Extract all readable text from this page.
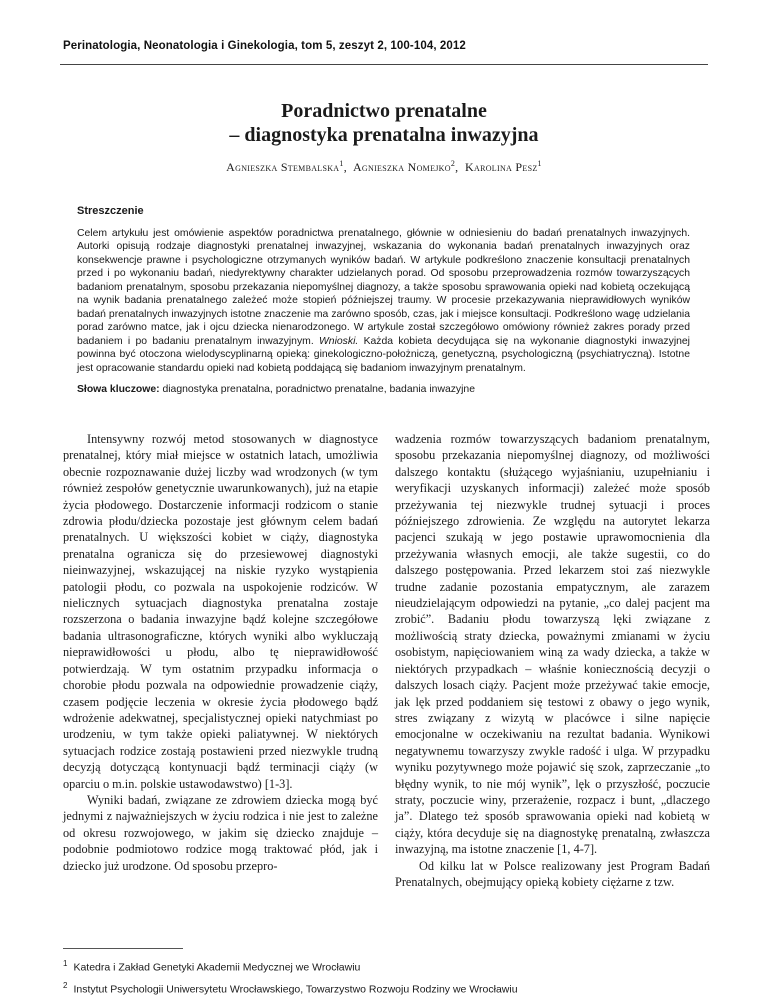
Perinatologia, Neonatologia i Ginekologia, tom 5, zeszyt 2, 100-104, 2012
Poradnictwo prenatalne
– diagnostyka prenatalna inwazyjna
Agnieszka Stembalska$^1$,  Agnieszka Nomejko$^2$,  Karolina Pesz$^1$
Streszczenie
Celem artykułu jest omówienie aspektów poradnictwa prenatalnego, głównie w odniesieniu do badań prenatalnych inwazyjnych. Autorki opisują rodzaje diagnostyki prenatalnej inwazyjnej, wskazania do wykonania badań prenatalnych inwazyjnych oraz konsekwencje prawne i psychologiczne otrzymanych wyników badań. W artykule podkreślono znaczenie konsultacji prenatalnych przed i po wykonaniu badań, niedyrektywny charakter udzielanych porad. Od sposobu przeprowadzenia rozmów towarzyszących badaniom prenatalnym, sposobu przekazania niepomyślnej diagnozy, a także sposobu sprawowania opieki nad kobietą oczekującą na wynik badania prenatalnego zależeć może stopień późniejszej traumy. W procesie przekazywania nieprawidłowych wyników badań prenatalnych inwazyjnych istotne znaczenie ma zarówno sposób, czas, jak i miejsce konsultacji. Podkreślono wagę udzielania porad zarówno matce, jak i ojcu dziecka nienarodzonego. W artykule został szczegółowo omówiony również zakres porady przed badaniem i po badaniu prenatalnym inwazyjnym. Wnioski. Każda kobieta decydująca się na wykonanie diagnostyki inwazyjnej powinna być otoczona wielodyscyplinarną opieką: ginekologiczno-położniczą, genetyczną, psychologiczną (psychiatryczną). Istotne jest opracowanie standardu opieki nad kobietą poddającą się badaniom inwazyjnym prenatalnym.
Słowa kluczowe: diagnostyka prenatalna, poradnictwo prenatalne, badania inwazyjne

Intensywny rozwój metod stosowanych w diagnostyce prenatalnej, który miał miejsce w ostatnich latach, umożliwia obecnie rozpoznawanie dużej liczby wad wrodzonych (w tym również zespołów genetycznie uwarunkowanych), już na etapie życia płodowego. Dostarczenie informacji rodzicom o stanie zdrowia płodu/dziecka pozostaje jest głównym celem badań prenatalnych. U większości kobiet w ciąży, diagnostyka prenatalna ogranicza się do przesiewowej diagnostyki nieinwazyjnej, wskazującej na niskie ryzyko wystąpienia patologii płodu, co pozwala na uspokojenie rodziców. W nielicznych sytuacjach diagnostyka prenatalna zostaje rozszerzona o badania inwazyjne bądź kolejne szczegółowe badania ultrasonograficzne, których wyniki albo wykluczają nieprawidłowości u płodu, albo tę nieprawidłowość potwierdzają. W tym ostatnim przypadku informacja o chorobie płodu pozwala na odpowiednie prowadzenie ciąży, czasem podjęcie leczenia w okresie życia płodowego bądź wdrożenie adekwatnej, specjalistycznej opieki natychmiast po urodzeniu, w tym także opieki paliatywnej. W niektórych sytuacjach rodzice zostają postawieni przed niezwykle trudną decyzją dotyczącą kontynuacji bądź terminacji ciąży (w oparciu o m.in. polskie ustawodawstwo) [1-3].

Wyniki badań, związane ze zdrowiem dziecka mogą być jednymi z najważniejszych w życiu rodzica i nie jest to zależne od okresu rozwojowego, w jakim się dziecko znajduje – podobnie podmiotowo rodzice mogą traktować płód, jak i dziecko już urodzone. Od sposobu przepro-

wadzenia rozmów towarzyszących badaniom prenatalnym, sposobu przekazania niepomyślnej diagnozy, od możliwości dalszego kontaktu (służącego wyjaśnianiu, uzupełnianiu i weryfikacji uzyskanych informacji) zależeć może sposób przeżywania tej niezwykle trudnej sytuacji i proces późniejszego zdrowienia. Ze względu na autorytet lekarza pacjenci szukają w jego postawie uprawomocnienia dla przeżywania własnych emocji, ale także sugestii, co do dalszego postępowania. Przed lekarzem stoi zaś niezwykle trudne zadanie pozostania empatycznym, ale zarazem nieudzielającym odpowiedzi na pytanie, „co dalej pacjent ma zrobić”. Badaniu płodu towarzyszą lęki związane z możliwością straty dziecka, poważnymi zmianami w życiu osobistym, napięciowaniem winą za wady dziecka, a także w niektórych przypadkach – właśnie koniecznością decyzji o dalszych losach ciąży. Pacjent może przeżywać takie emocje, jak lęk przed poddaniem się testowi z obawy o jego wynik, stres związany z wizytą w placówce i silne napięcie emocjonalne w oczekiwaniu na rezultat badania. Wynikowi negatywnemu towarzyszy zwykle radość i ulga. W przypadku wyniku pozytywnego może pojawić się szok, zaprzeczanie „to błędny wynik, to nie mój wynik”, lęk o przyszłość, poczucie straty, poczucie winy, przerażenie, rozpacz i bunt, „dlaczego ja”. Dlatego też sposób sprawowania opieki nad kobietą w ciąży, która decyduje się na diagnostykę prenatalną, zwłaszcza inwazyjną, ma istotne znaczenie [1, 4-7].

Od kilku lat w Polsce realizowany jest Program Badań Prenatalnych, obejmujący opieką kobiety ciężarne z tzw.

$^1$ Katedra i Zakład Genetyki Akademii Medycznej we Wrocławiu
$^2$ Instytut Psychologii Uniwersytetu Wrocławskiego, Towarzystwo Rozwoju Rodziny we Wrocławiu
